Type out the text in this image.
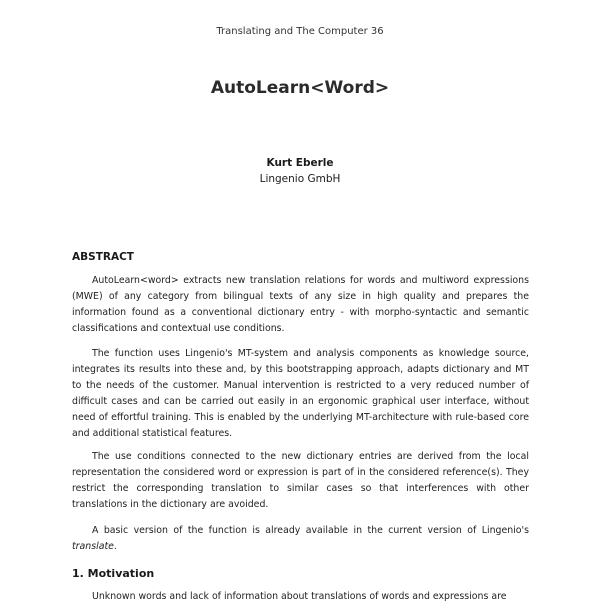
Translating and The Computer 36
AutoLearn<Word>
Kurt Eberle
Lingenio GmbH
ABSTRACT
AutoLearn<word> extracts new translation relations for words and multiword expressions (MWE) of any category from bilingual texts of any size in high quality and prepares the information found as a conventional dictionary entry - with morpho-syntactic and semantic classifications and contextual use conditions.
The function uses Lingenio's MT-system and analysis components as knowledge source, integrates its results into these and, by this bootstrapping approach, adapts dictionary and MT to the needs of the customer. Manual intervention is restricted to a very reduced number of difficult cases and can be carried out easily in an ergonomic graphical user interface, without need of effortful training. This is enabled by the underlying MT-architecture with rule-based core and additional statistical features.
The use conditions connected to the new dictionary entries are derived from the local representation the considered word or expression is part of in the considered reference(s). They restrict the corresponding translation to similar cases so that interferences with other translations in the dictionary are avoided.
A basic version of the function is already available in the current version of Lingenio's translate.
1. Motivation
Unknown words and lack of information about translations of words and expressions are
